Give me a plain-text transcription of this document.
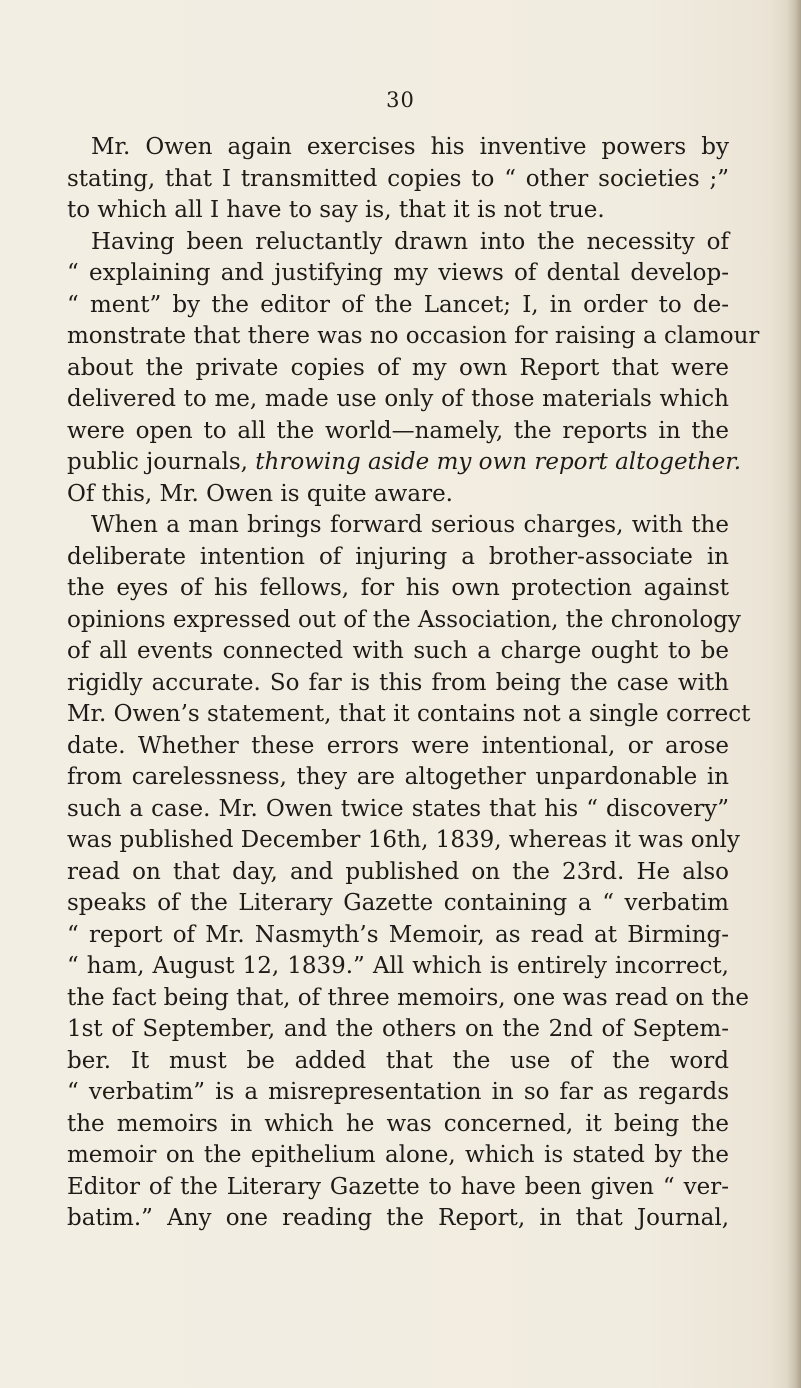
30
Mr. Owen again exercises his inventive powers by
stating, that I transmitted copies to “ other societies ;”
to which all I have to say is, that it is not true.
Having been reluctantly drawn into the necessity of
“ explaining and justifying my views of dental develop-
“ ment” by the editor of the Lancet; I, in order to de-
monstrate that there was no occasion for raising a clamour
about the private copies of my own Report that were
delivered to me, made use only of those materials which
were open to all the world—namely, the reports in the
public journals, throwing aside my own report altogether.
Of this, Mr. Owen is quite aware.
When a man brings forward serious charges, with the
deliberate intention of injuring a brother-associate in
the eyes of his fellows, for his own protection against
opinions expressed out of the Association, the chronology
of all events connected with such a charge ought to be
rigidly accurate. So far is this from being the case with
Mr. Owen’s statement, that it contains not a single correct
date. Whether these errors were intentional, or arose
from carelessness, they are altogether unpardonable in
such a case. Mr. Owen twice states that his “ discovery”
was published December 16th, 1839, whereas it was only
read on that day, and published on the 23rd. He also
speaks of the Literary Gazette containing a “ verbatim
“ report of Mr. Nasmyth’s Memoir, as read at Birming-
“ ham, August 12, 1839.” All which is entirely incorrect,
the fact being that, of three memoirs, one was read on the
1st of September, and the others on the 2nd of Septem-
ber. It must be added that the use of the word
“ verbatim” is a misrepresentation in so far as regards
the memoirs in which he was concerned, it being the
memoir on the epithelium alone, which is stated by the
Editor of the Literary Gazette to have been given “ ver-
batim.” Any one reading the Report, in that Journal,
